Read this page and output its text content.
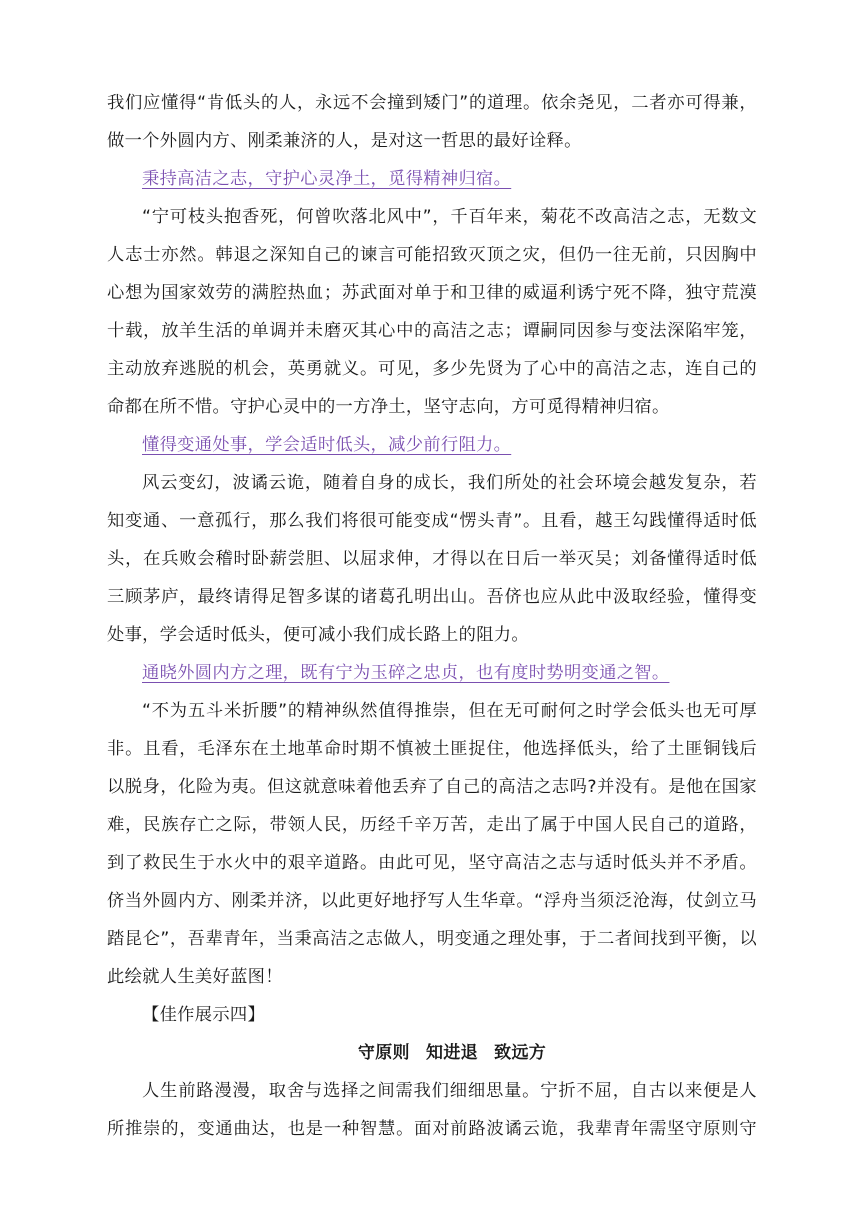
我们应懂得“肯低头的人，永远不会撞到矮门”的道理。依余尧见，二者亦可得兼，
做一个外圆内方、刚柔兼济的人，是对这一哲思的最好诠释。
秉持高洁之志，守护心灵净土，觅得精神归宿。
“宁可枝头抱香死，何曾吹落北风中”，千百年来，菊花不改高洁之志，无数文
人志士亦然。韩退之深知自己的谏言可能招致灭顶之灾，但仍一往无前，只因胸中
心想为国家效劳的满腔热血；苏武面对单于和卫律的威逼利诱宁死不降，独守荒漠
十载，放羊生活的单调并未磨灭其心中的高洁之志；谭嗣同因参与变法深陷牢笼，
主动放弃逃脱的机会，英勇就义。可见，多少先贤为了心中的高洁之志，连自己的
命都在所不惜。守护心灵中的一方净土，坚守志向，方可觅得精神归宿。
懂得变通处事，学会适时低头，减少前行阻力。
风云变幻，波谲云诡，随着自身的成长，我们所处的社会环境会越发复杂，若
知变通、一意孤行，那么我们将很可能变成“愣头青”。且看，越王勾践懂得适时低
头，在兵败会稽时卧薪尝胆、以屈求伸，才得以在日后一举灭吴；刘备懂得适时低
三顾茅庐，最终请得足智多谋的诸葛孔明出山。吾侪也应从此中汲取经验，懂得变
处事，学会适时低头，便可减小我们成长路上的阻力。
通晓外圆内方之理，既有宁为玉碎之忠贞，也有度时势明变通之智。
“不为五斗米折腰”的精神纵然值得推崇，但在无可耐何之时学会低头也无可厚
非。且看，毛泽东在土地革命时期不慎被土匪捉住，他选择低头，给了土匪铜钱后
以脱身，化险为夷。但这就意味着他丢弃了自己的高洁之志吗?并没有。是他在国家
难，民族存亡之际，带领人民，历经千辛万苦，走出了属于中国人民自己的道路，
到了救民生于水火中的艰辛道路。由此可见，坚守高洁之志与适时低头并不矛盾。
侪当外圆内方、刚柔并济，以此更好地抒写人生华章。“浮舟当须泛沧海，仗剑立马
踏昆仑”，吾辈青年，当秉高洁之志做人，明变通之理处事，于二者间找到平衡，以
此绘就人生美好蓝图！
【佳作展示四】
守原则 知进退 致远方
人生前路漫漫，取舍与选择之间需我们细细思量。宁折不屈，自古以来便是人
所推崇的，变通曲达，也是一种智慧。面对前路波谲云诡，我辈青年需坚守原则守
